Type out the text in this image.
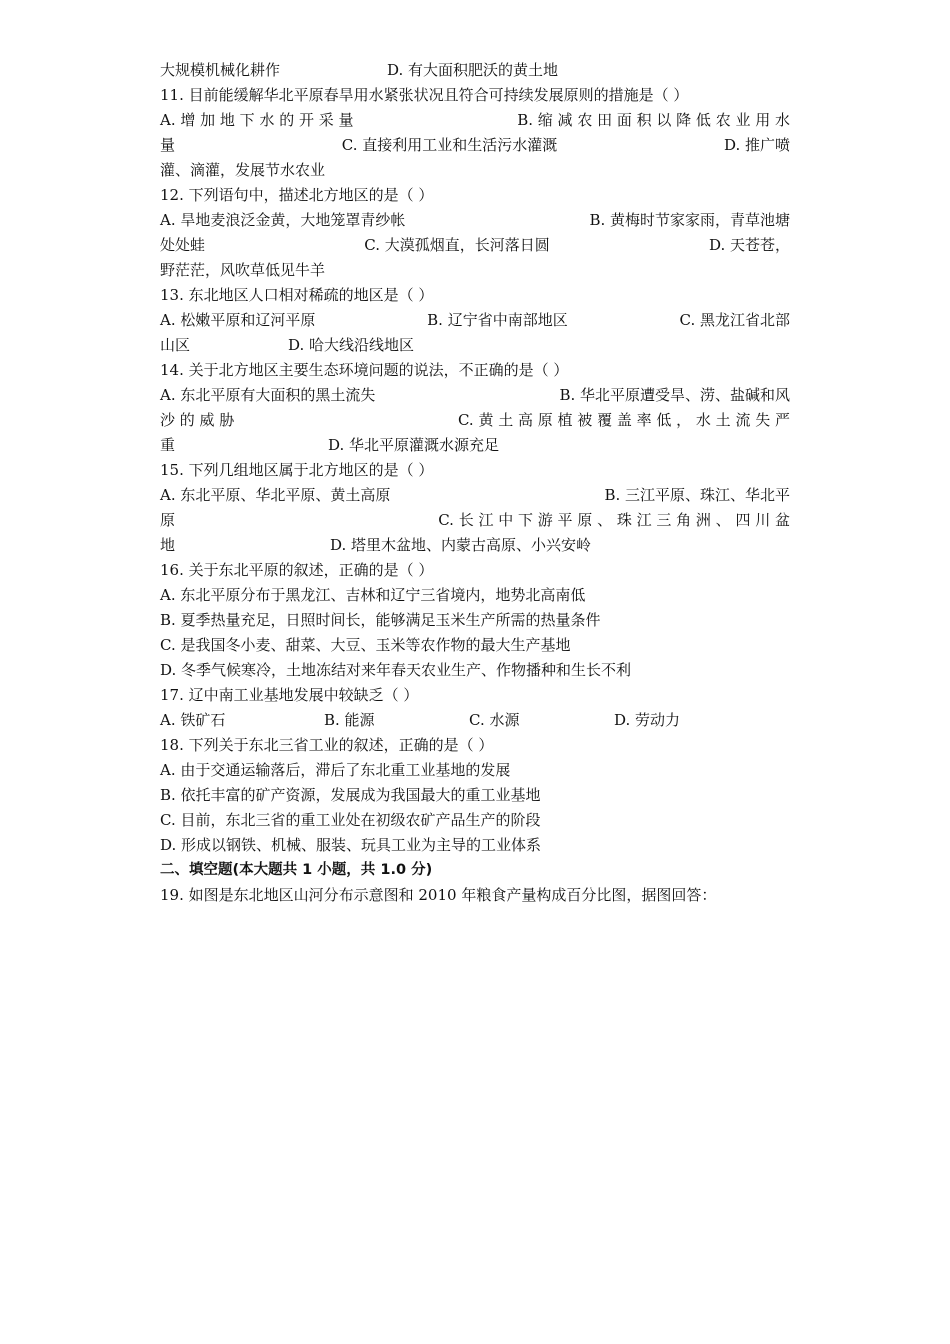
大规模机械化耕作	D. 有大面积肥沃的黄土地
11. 目前能缓解华北平原春旱用水紧张状况且符合可持续发展原则的措施是（ ）
A. 增 加 地 下 水 的 开 采 量	B. 缩 减 农 田 面 积 以 降 低 农 业 用 水
量	C. 直接利用工业和生活污水灌溉	D. 推广喷
灌、滴灌，发展节水农业
12. 下列语句中，描述北方地区的是（ ）
A. 旱地麦浪泛金黄，大地笼罩青纱帐	B. 黄梅时节家家雨，青草池塘
处处蛙	C. 大漠孤烟直，长河落日圆	D. 天苍苍，
野茫茫，风吹草低见牛羊
13. 东北地区人口相对稀疏的地区是（ ）
A. 松嫩平原和辽河平原	B. 辽宁省中南部地区	C. 黑龙江省北部
山区	D. 哈大线沿线地区
14. 关于北方地区主要生态环境问题的说法，不正确的是（ ）
A. 东北平原有大面积的黑土流失	B. 华北平原遭受旱、涝、盐碱和风
沙 的 威 胁	C. 黄 土 高 原 植 被 覆 盖 率 低 ， 水 土 流 失 严
重	D. 华北平原灌溉水源充足
15. 下列几组地区属于北方地区的是（ ）
A. 东北平原、华北平原、黄土高原	B. 三江平原、珠江、华北平
原	C. 长 江 中 下 游 平 原 、 珠 江 三 角 洲 、 四 川 盆
地	D. 塔里木盆地、内蒙古高原、小兴安岭
16. 关于东北平原的叙述，正确的是（ ）
A. 东北平原分布于黑龙江、吉林和辽宁三省境内，地势北高南低
B. 夏季热量充足，日照时间长，能够满足玉米生产所需的热量条件
C. 是我国冬小麦、甜菜、大豆、玉米等农作物的最大生产基地
D. 冬季气候寒冷，土地冻结对来年春天农业生产、作物播种和生长不利
17. 辽中南工业基地发展中较缺乏（ ）
A. 铁矿石	B. 能源	C. 水源	D. 劳动力
18. 下列关于东北三省工业的叙述，正确的是（ ）
A. 由于交通运输落后，滞后了东北重工业基地的发展
B. 依托丰富的矿产资源，发展成为我国最大的重工业基地
C. 目前，东北三省的重工业处在初级农矿产品生产的阶段
D. 形成以钢铁、机械、服装、玩具工业为主导的工业体系
二、填空题(本大题共 1 小题，共 1.0 分)
19. 如图是东北地区山河分布示意图和 2010 年粮食产量构成百分比图，据图回答：
